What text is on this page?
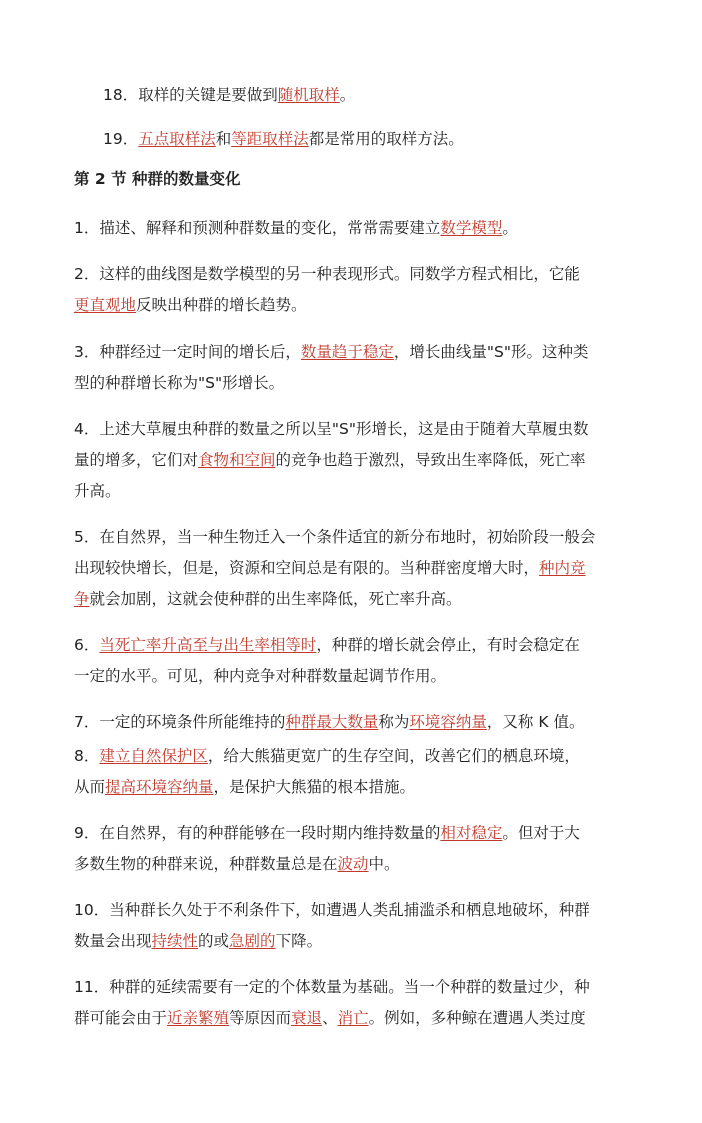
18．取样的关键是要做到随机取样。
19．五点取样法和等距取样法都是常用的取样方法。
第 2 节 种群的数量变化
1．描述、解释和预测种群数量的变化，常常需要建立数学模型。
2．这样的曲线图是数学模型的另一种表现形式。同数学方程式相比，它能
更直观地反映出种群的增长趋势。
3．种群经过一定时间的增长后，数量趋于稳定，增长曲线量"S"形。这种类
型的种群增长称为"S"形增长。
4．上述大草履虫种群的数量之所以呈"S"形增长，这是由于随着大草履虫数
量的增多，它们对食物和空间的竞争也趋于激烈，导致出生率降低，死亡率
升高。
5．在自然界，当一种生物迁入一个条件适宜的新分布地时，初始阶段一般会
出现较快增长，但是，资源和空间总是有限的。当种群密度增大时，种内竞
争就会加剧，这就会使种群的出生率降低，死亡率升高。
6．当死亡率升高至与出生率相等时，种群的增长就会停止，有时会稳定在
一定的水平。可见，种内竞争对种群数量起调节作用。
7．一定的环境条件所能维持的种群最大数量称为环境容纳量，又称 K 值。
8．建立自然保护区，给大熊猫更宽广的生存空间，改善它们的栖息环境，
从而提高环境容纳量，是保护大熊猫的根本措施。
9．在自然界，有的种群能够在一段时期内维持数量的相对稳定。但对于大
多数生物的种群来说，种群数量总是在波动中。
10．当种群长久处于不利条件下，如遭遇人类乱捕滥杀和栖息地破坏，种群
数量会出现持续性的或急剧的下降。
11．种群的延续需要有一定的个体数量为基础。当一个种群的数量过少，种
群可能会由于近亲繁殖等原因而衰退、消亡。例如，多种鲸在遭遇人类过度
